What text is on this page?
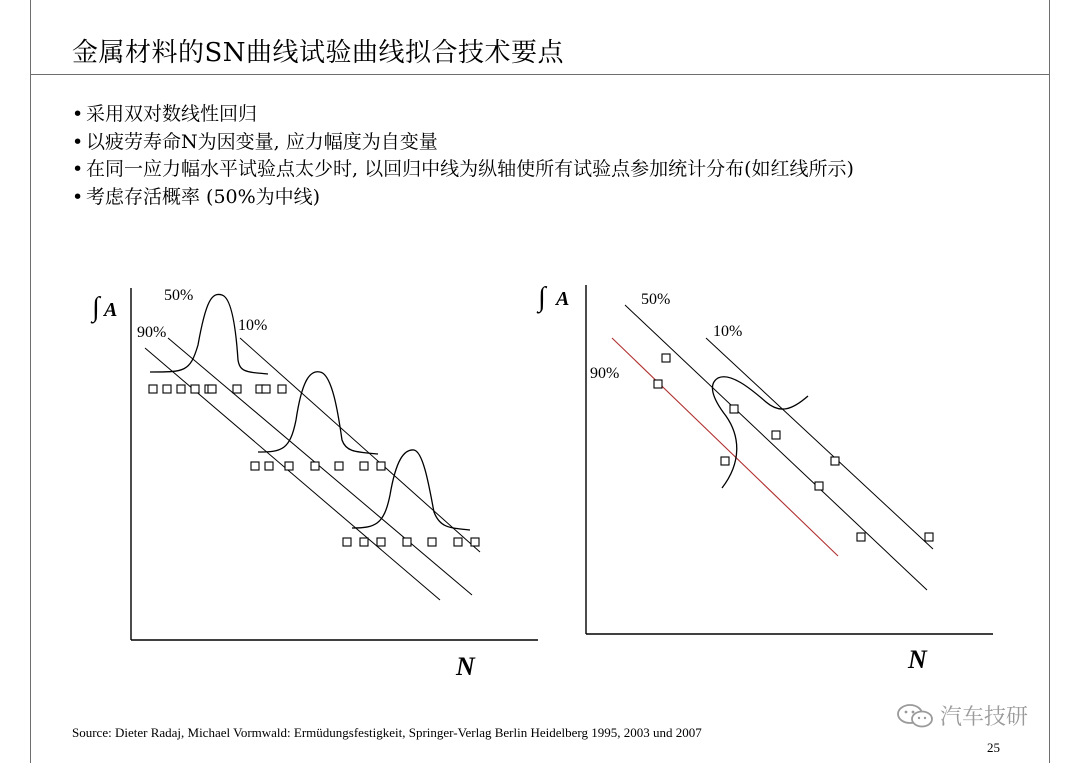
金属材料的SN曲线试验曲线拟合技术要点
• 采用双对数线性回归
• 以疲劳寿命N为因变量, 应力幅度为自变量
• 在同一应力幅水平试验点太少时, 以回归中线为纵轴使所有试验点参加统计分布(如红线所示)
• 考虑存活概率 (50%为中线)
∫ A
N
90%
50%
10%
∫ A
N
90%
50%
10%
汽车技研
Source: Dieter Radaj, Michael Vormwald: Ermüdungsfestigkeit, Springer-Verlag Berlin Heidelberg 1995, 2003 und 2007
25
